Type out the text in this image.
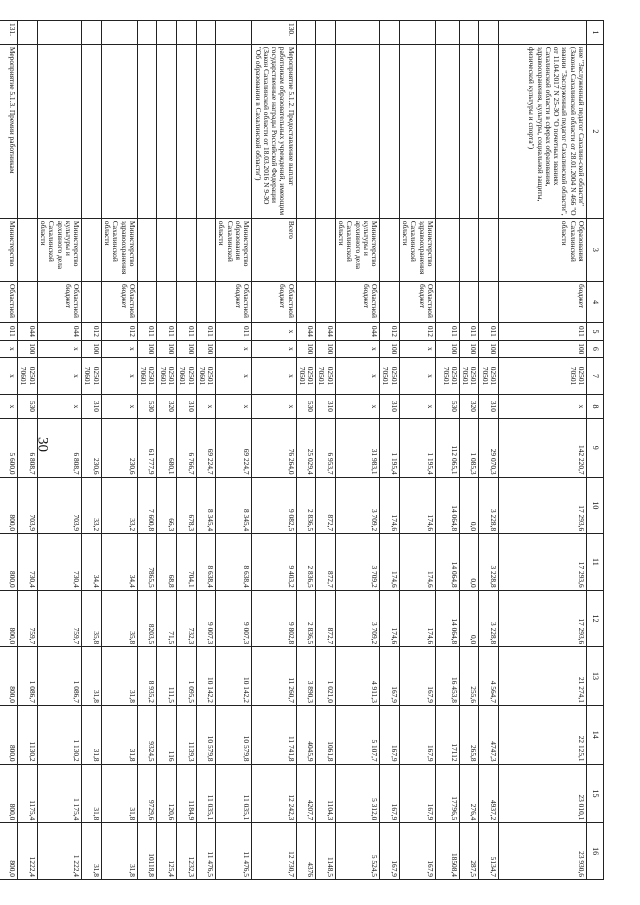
30
1	2	3	4	5	6	7	8	9	10	11	12	13	14	15	16
	ние "Заслуженный педагог Сахалин-ской области" (Законы Сахалинской области от 28.01.2004 N 466 "О звании "Заслуженный педагог Сахалинской области", от 11.04.2017 N 25-ЗО "О почетных званиях Сахалинской области в сферах образования, здравоохранения, культуры, социальной защиты, физической культуры и спорта")	Образования Сахалинской области	бюджет	011	100	02501 70501	x	142 220,7	17 293,6	17 293,6	17 293,6	21 274,1	22 125,1	23 010,1	23 930,6
				011	100	02501 70501	310	29 070,3	3 228,8	3 228,8	3 228,8	4 564,7	4747,3	4937,2	5134,7
				011	100	02501 70501	320	1 085,3	0,0	0,0	0,0	255,6	265,8	276,4	287,5
				011	100	02501 70501	530	112 065,1	14 064,8	14 064,8	14 064,8	16 453,8	17112	17796,5	18508,4
		Министерство здравоохранения Сахалинской области	Областной бюджет	012	x	x	x	1 195,4	174,6	174,6	174,6	167,9	167,9	167,9	167,9
				012	100	02501 70501	310	1 195,4	174,6	174,6	174,6	167,9	167,9	167,9	167,9
		Министерство культуры и архивного дела Сахалинской области	Областной бюджет	044	x	x	x	31 983,1	3 709,2	3 709,2	3 709,2	4 911,3	5 107,7	5 312,0	5 524,5
				044	100	02501 70501	310	6 953,7	872,7	872,7	872,7	1 021,0	1061,8	1104,3	1148,5
				044	100	02501 70501	530	25 029,4	2 836,5	2 836,5	2 836,5	3 890,3	4045,9	4207,7	4376
130.	Мероприятие 5.1.2. Предоставление выплат работникам образовательных учреждений, имеющим государственные награды Российской Федерации (Закон Сахалинской области от 18.03.2016 N 9-ЗО "Об образовании в Сахалинской области")	Всего	Областной бюджет	x	x	x	x	76 264,0	9 082,5	9 403,2	9 802,8	11 260,7	11 741,8	12 242,3	12 730,7
		Министерство образования Сахалинской области	Областной бюджет	011	x	x	x	69 224,7	8 345,4	8 638,4	9 007,3	10 142,2	10 579,8	11 035,1	11 476,5
				011	100	02501 70601	x	69 224,7	8 345,4	8 638,4	9 007,3	10 142,2	10 579,8	11 035,1	11 476,5
				011	100	02501 70601	310	6 766,7	678,3	704,1	732,3	1 095,5	1139,3	1184,9	1232,3
				011	100	02501 70601	320	680,1	66,3	68,8	71,5	111,5	116	120,6	125,4
				011	100	02501 70601	530	61 777,9	7 600,8	7865,5	8203,5	8 935,2	9324,5	9729,6	10118,8
		Министерство здравоохранения Сахалинской области	Областной бюджет	012	x	x	x	230,6	33,2	34,4	35,8	31,8	31,8	31,8	31,8
				012	100	02501 70601	310	230,6	33,2	34,4	35,8	31,8	31,8	31,8	31,8
		Министерство культуры и архивного дела Сахалинской области	Областной бюджет	044	x	x	x	6 808,7	703,9	730,4	759,7	1 086,7	1 130,2	1 175,4	1 222,4
				044	100	02501 70601	530	6 808,7	703,9	730,4	759,7	1 086,7	1130,2	1175,4	1222,4
131.	Мероприятие 5.1.3. Премии работникам	Министерство	Областной	011	x	x	x	5 600,0	800,0	800,0	800,0	800,0	800,0	800,0	800,0
